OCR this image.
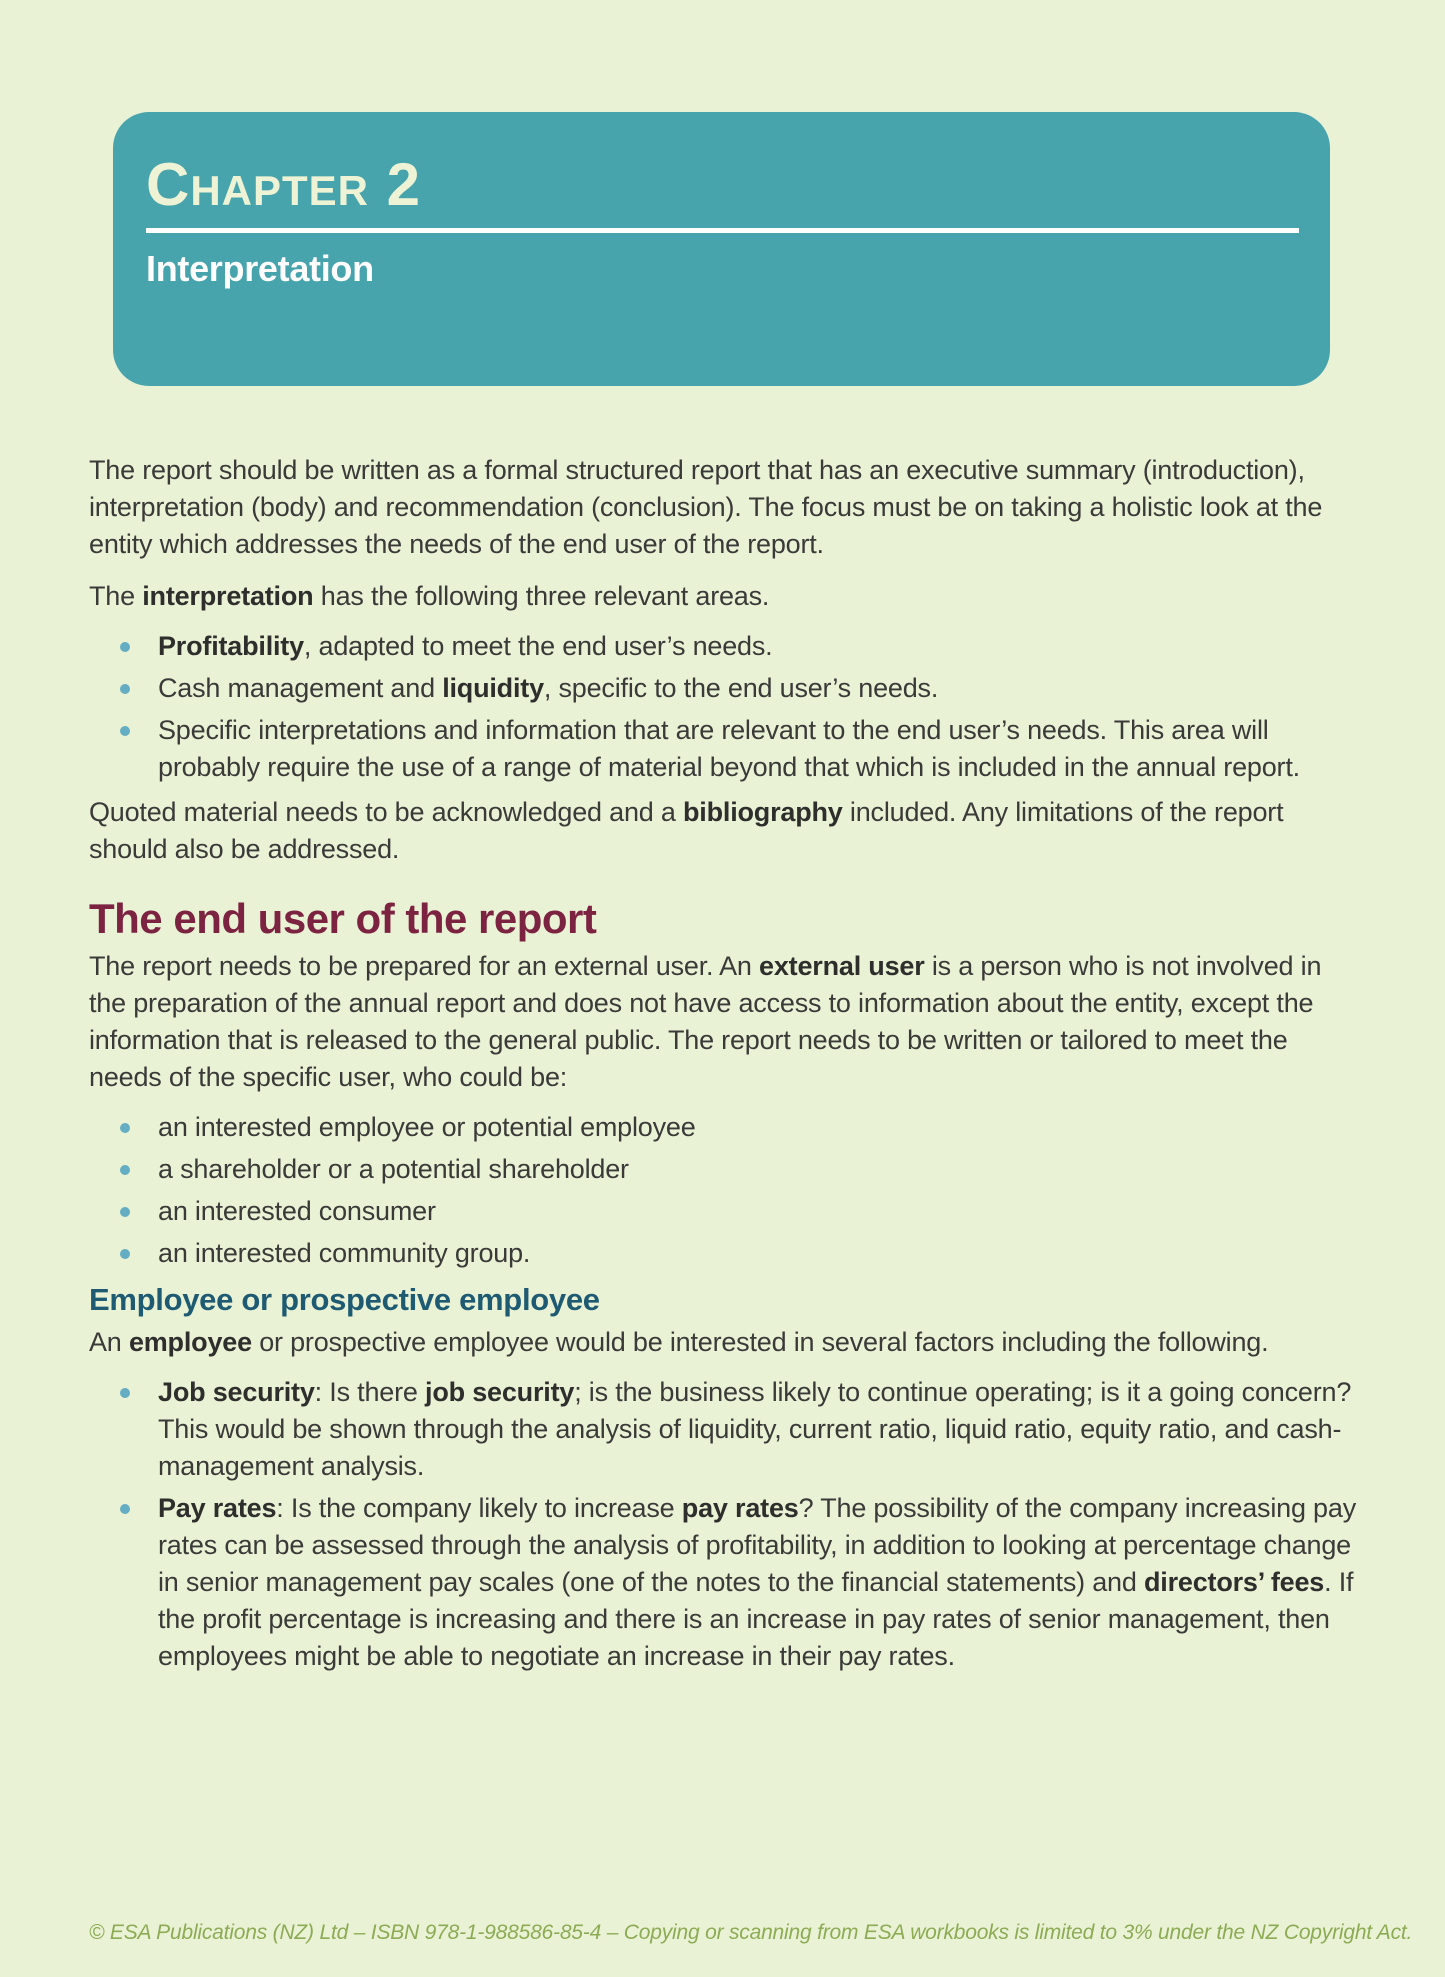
Chapter 2
Interpretation

The report should be written as a formal structured report that has an executive summary (introduction), interpretation (body) and recommendation (conclusion). The focus must be on taking a holistic look at the entity which addresses the needs of the end user of the report.

The interpretation has the following three relevant areas.

Profitability, adapted to meet the end user’s needs.
Cash management and liquidity, specific to the end user’s needs.
Specific interpretations and information that are relevant to the end user’s needs. This area will probably require the use of a range of material beyond that which is included in the annual report.

Quoted material needs to be acknowledged and a bibliography included. Any limitations of the report should also be addressed.

The end user of the report

The report needs to be prepared for an external user. An external user is a person who is not involved in the preparation of the annual report and does not have access to information about the entity, except the information that is released to the general public. The report needs to be written or tailored to meet the needs of the specific user, who could be:

an interested employee or potential employee
a shareholder or a potential shareholder
an interested consumer
an interested community group.
Employee or prospective employee

An employee or prospective employee would be interested in several factors including the following.

Job security: Is there job security; is the business likely to continue operating; is it a going concern? This would be shown through the analysis of liquidity, current ratio, liquid ratio, equity ratio, and cash-management analysis.
Pay rates: Is the company likely to increase pay rates? The possibility of the company increasing pay rates can be assessed through the analysis of profitability, in addition to looking at percentage change in senior management pay scales (one of the notes to the financial statements) and directors’ fees. If the profit percentage is increasing and there is an increase in pay rates of senior management, then employees might be able to negotiate an increase in their pay rates.
© ESA Publications (NZ) Ltd – ISBN 978-1-988586-85-4 – Copying or scanning from ESA workbooks is limited to 3% under the NZ Copyright Act.
